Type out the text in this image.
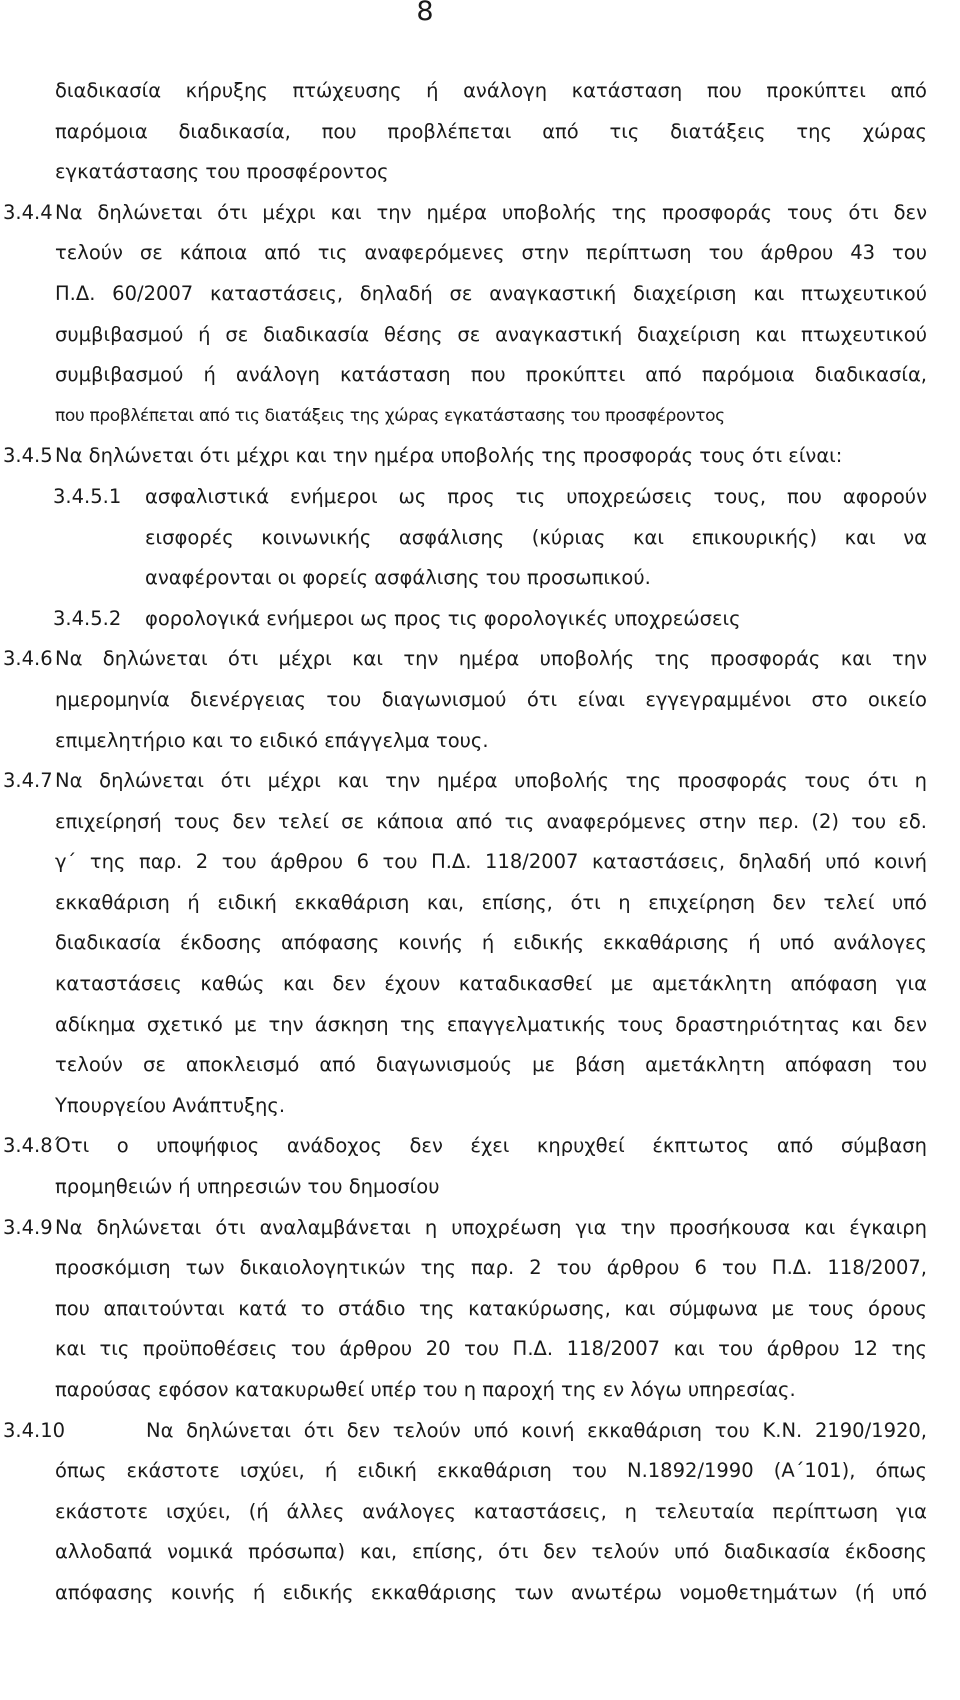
8
διαδικασία κήρυξης πτώχευσης ή ανάλογη κατάσταση που προκύπτει από
παρόμοια διαδικασία, που προβλέπεται από τις διατάξεις της χώρας
εγκατάστασης του προσφέροντος
3.4.4 Να δηλώνεται ότι μέχρι και την ημέρα υποβολής της προσφοράς τους ότι δεν
τελούν σε κάποια από τις αναφερόμενες στην περίπτωση του άρθρου 43 του
Π.Δ. 60/2007 καταστάσεις, δηλαδή σε αναγκαστική διαχείριση και πτωχευτικού
συμβιβασμού ή σε διαδικασία θέσης σε αναγκαστική διαχείριση και πτωχευτικού
συμβιβασμού ή ανάλογη κατάσταση που προκύπτει από παρόμοια διαδικασία,
που προβλέπεται από τις διατάξεις της χώρας εγκατάστασης του προσφέροντος
3.4.5 Να δηλώνεται ότι μέχρι και την ημέρα υποβολής της προσφοράς τους ότι είναι:
3.4.5.1 ασφαλιστικά ενήμεροι ως προς τις υποχρεώσεις τους, που αφορούν
εισφορές κοινωνικής ασφάλισης (κύριας και επικουρικής) και να
αναφέρονται οι φορείς ασφάλισης του προσωπικού.
3.4.5.2 φορολογικά ενήμεροι ως προς τις φορολογικές υποχρεώσεις
3.4.6 Να δηλώνεται ότι μέχρι και την ημέρα υποβολής της προσφοράς και την
ημερομηνία διενέργειας του διαγωνισμού ότι είναι εγγεγραμμένοι στο οικείο
επιμελητήριο και το ειδικό επάγγελμα τους.
3.4.7 Να δηλώνεται ότι μέχρι και την ημέρα υποβολής της προσφοράς τους ότι η
επιχείρησή τους δεν τελεί σε κάποια από τις αναφερόμενες στην περ. (2) του εδ.
γ΄ της παρ. 2 του άρθρου 6 του Π.Δ. 118/2007 καταστάσεις, δηλαδή υπό κοινή
εκκαθάριση ή ειδική εκκαθάριση και, επίσης, ότι η επιχείρηση δεν τελεί υπό
διαδικασία έκδοσης απόφασης κοινής ή ειδικής εκκαθάρισης ή υπό ανάλογες
καταστάσεις καθώς και δεν έχουν καταδικασθεί με αμετάκλητη απόφαση για
αδίκημα σχετικό με την άσκηση της επαγγελματικής τους δραστηριότητας και δεν
τελούν σε αποκλεισμό από διαγωνισμούς με βάση αμετάκλητη απόφαση του
Υπουργείου Ανάπτυξης.
3.4.8 Ότι ο υποψήφιος ανάδοχος δεν έχει κηρυχθεί έκπτωτος από σύμβαση
προμηθειών ή υπηρεσιών του δημοσίου
3.4.9 Να δηλώνεται ότι αναλαμβάνεται η υποχρέωση για την προσήκουσα και έγκαιρη
προσκόμιση των δικαιολογητικών της παρ. 2 του άρθρου 6 του Π.Δ. 118/2007,
που απαιτούνται κατά το στάδιο της κατακύρωσης, και σύμφωνα με τους όρους
και τις προϋποθέσεις του άρθρου 20 του Π.Δ. 118/2007 και του άρθρου 12 της
παρούσας εφόσον κατακυρωθεί υπέρ του η παροχή της εν λόγω υπηρεσίας.
3.4.10	Να δηλώνεται ότι δεν τελούν υπό κοινή εκκαθάριση του Κ.Ν. 2190/1920,
όπως εκάστοτε ισχύει, ή ειδική εκκαθάριση του Ν.1892/1990 (Α΄101), όπως
εκάστοτε ισχύει, (ή άλλες ανάλογες καταστάσεις, η τελευταία περίπτωση για
αλλοδαπά νομικά πρόσωπα) και, επίσης, ότι δεν τελούν υπό διαδικασία έκδοσης
απόφασης κοινής ή ειδικής εκκαθάρισης των ανωτέρω νομοθετημάτων (ή υπό
